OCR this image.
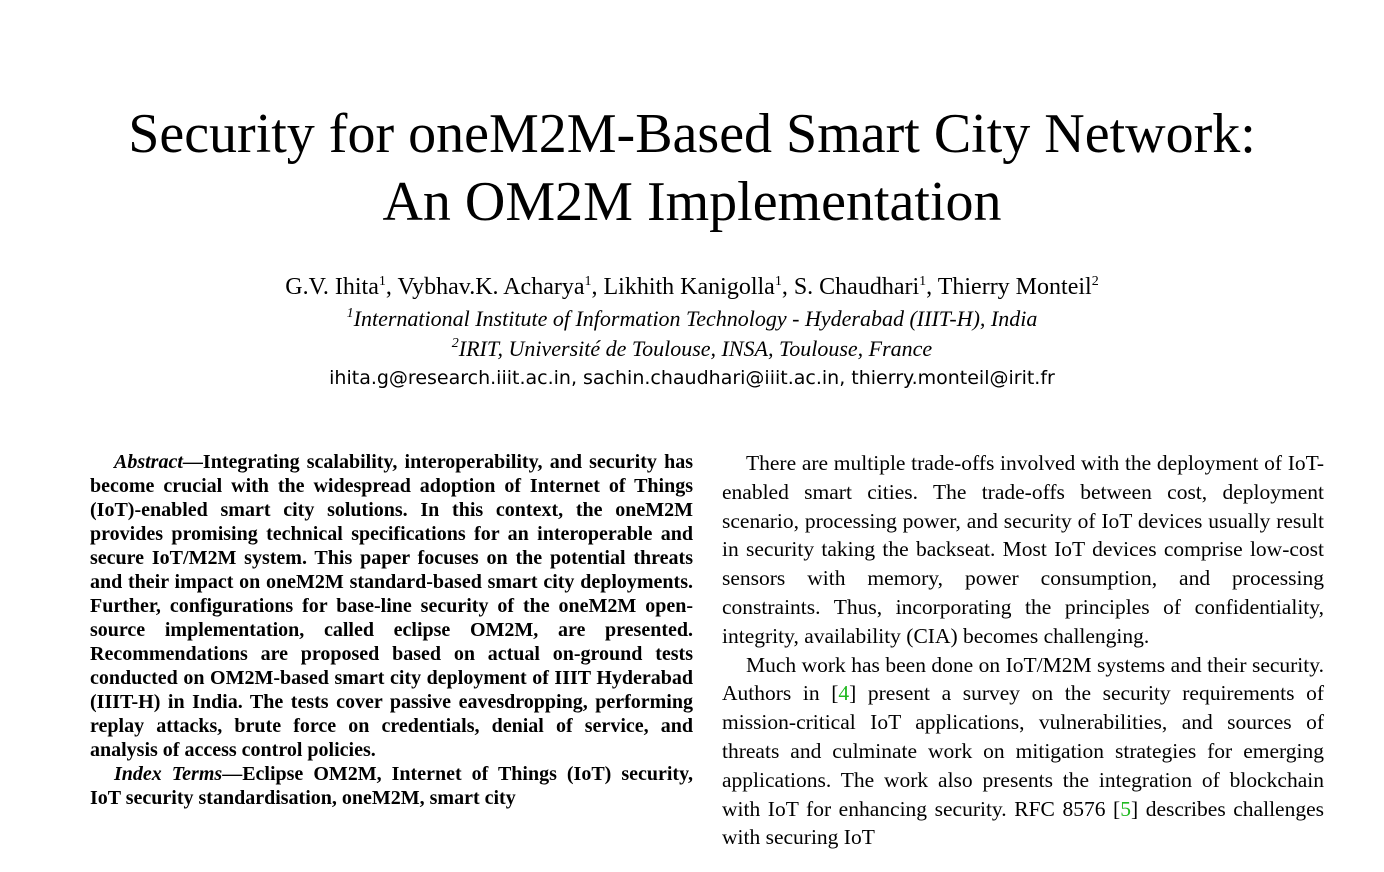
Security for oneM2M-Based Smart City Network:
An OM2M Implementation
G.V. Ihita$^1$, Vybhav.K. Acharya$^1$, Likhith Kanigolla$^1$, S. Chaudhari$^1$, Thierry Monteil$^2$
$^1$International Institute of Information Technology - Hyderabad (IIIT-H), India
$^2$IRIT, Université de Toulouse, INSA, Toulouse, France
ihita.g@research.iiit.ac.in, sachin.chaudhari@iiit.ac.in, thierry.monteil@irit.fr

Abstract—Integrating scalability, interoperability, and security has become crucial with the widespread adoption of Internet of Things (IoT)-enabled smart city solutions. In this context, the oneM2M provides promising technical specifications for an interoperable and secure IoT/M2M system. This paper focuses on the potential threats and their impact on oneM2M standard-based smart city deployments. Further, configurations for base-line security of the oneM2M open-source implementation, called eclipse OM2M, are presented. Recommendations are proposed based on actual on-ground tests conducted on OM2M-based smart city deployment of IIIT Hyderabad (IIIT-H) in India. The tests cover passive eavesdropping, performing replay attacks, brute force on credentials, denial of service, and analysis of access control policies.

Index Terms—Eclipse OM2M, Internet of Things (IoT) security, IoT security standardisation, oneM2M, smart city

There are multiple trade-offs involved with the deployment of IoT-enabled smart cities. The trade-offs between cost, deployment scenario, processing power, and security of IoT devices usually result in security taking the backseat. Most IoT devices comprise low-cost sensors with memory, power consumption, and processing constraints. Thus, incorporating the principles of confidentiality, integrity, availability (CIA) becomes challenging.

Much work has been done on IoT/M2M systems and their security. Authors in [4] present a survey on the security requirements of mission-critical IoT applications, vulnerabilities, and sources of threats and culminate work on mitigation strategies for emerging applications. The work also presents the integration of blockchain with IoT for enhancing security. RFC 8576 [5] describes challenges with securing IoT
